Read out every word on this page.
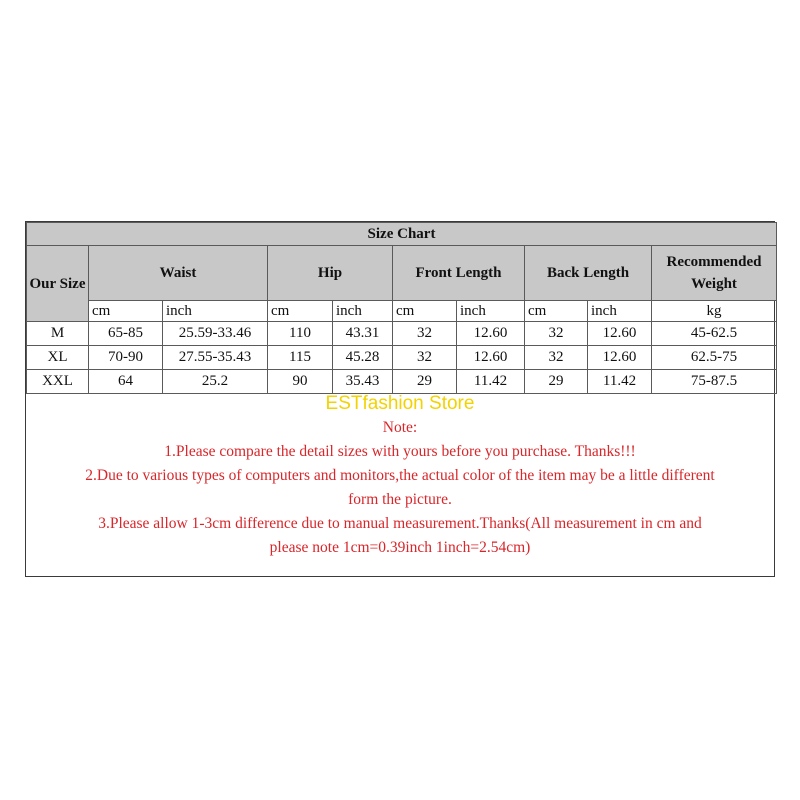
Size Chart									
Our Size	Waist		Hip		Front Length		Back Length		Recommended Weight
	cm	inch	cm	inch	cm	inch	cm	inch	kg
M	65-85	25.59-33.46	110	43.31	32	12.60	32	12.60	45-62.5
XL	70-90	27.55-35.43	115	45.28	32	12.60	32	12.60	62.5-75
XXL	64	25.2	90	35.43	29	11.42	29	11.42	75-87.5
ESTfashion Store
Note:
1.Please compare the detail sizes with yours before you purchase. Thanks!!!
2.Due to various types of computers and monitors,the actual color of the item may be a little different
form the picture.
3.Please allow 1-3cm difference due to manual measurement.Thanks(All measurement in cm and
please note 1cm=0.39inch 1inch=2.54cm)
